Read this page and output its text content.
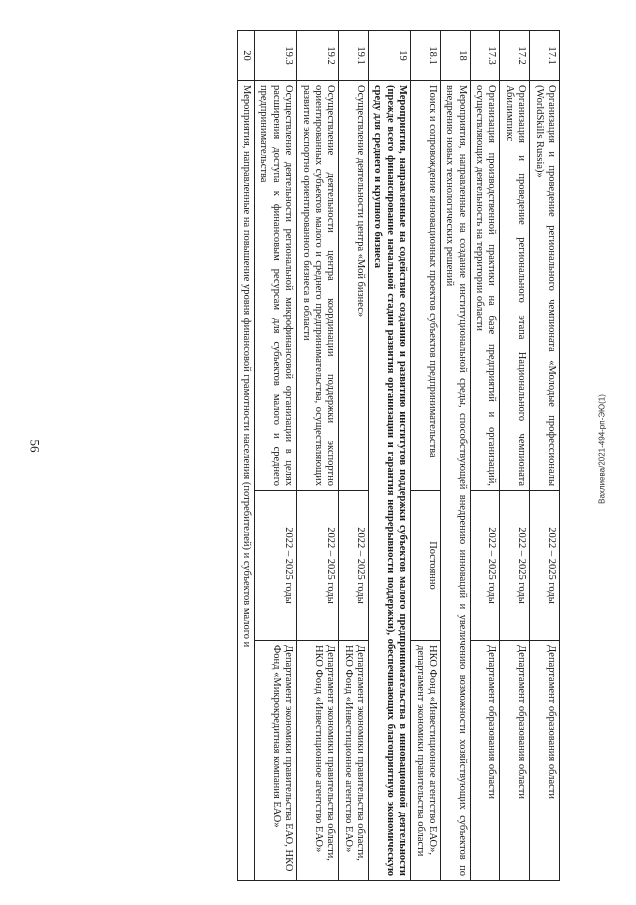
56	Вахлиева/2021-494-рп-ЭЮ(1)
17.1	Организация и проведение регионального чемпионата «Молодые профессионалы (WorldSkills Russia)»	2022 – 2025 годы	Департамент образования области
17.2	Организация и проведение регионального этапа Национального чемпионата Абилимпикс	2022 – 2025 годы	Департамент образования области
17.3	Организация производственной практики на базе предприятий и организаций, осуществляющих деятельность на территории области	2022 – 2025 годы	Департамент образования области
18	Мероприятия, направленные на создание институциональной среды, способствующей внедрению инноваций и увеличению возможности хозяйствующих субъектов по внедрению новых технологических решений		
18.1	Поиск и сопровождение инновационных проектов субъектов предпринимательства	Постоянно	НКО Фонд «Инвестиционное агентство ЕАО», департамент экономики правительства области
19	Мероприятия, направленные на содействие созданию и развитию институтов поддержки субъектов малого предпринимательства в инновационной деятельности (прежде всего финансирование начальной стадии развития организации и гарантия непрерывности поддержки), обеспечивающих благоприятную экономическую среду для среднего и крупного бизнеса		
19.1	Осуществление деятельности центра «Мой бизнес»	2022 – 2025 годы	Департамент экономики правительства области, НКО Фонд «Инвестиционное агентство ЕАО»
19.2	Осуществление деятельности центра координации поддержки экспортно ориентированных субъектов малого и среднего предпринимательства, осуществляющих развитие экспортно ориентированного бизнеса в области	2022 – 2025 годы	Департамент экономики правительства области, НКО Фонд «Инвестиционное агентство ЕАО»
19.3	Осуществление деятельности региональной микрофинансовой организации в целях расширения доступа к финансовым ресурсам для субъектов малого и среднего предпринимательства	2022 – 2025 годы	Департамент экономики правительства ЕАО, НКО Фонд «Микрокредитная компания ЕАО»
20	Мероприятия, направленные на повышение уровня финансовой грамотности населения (потребителей) и субъектов малого и		
